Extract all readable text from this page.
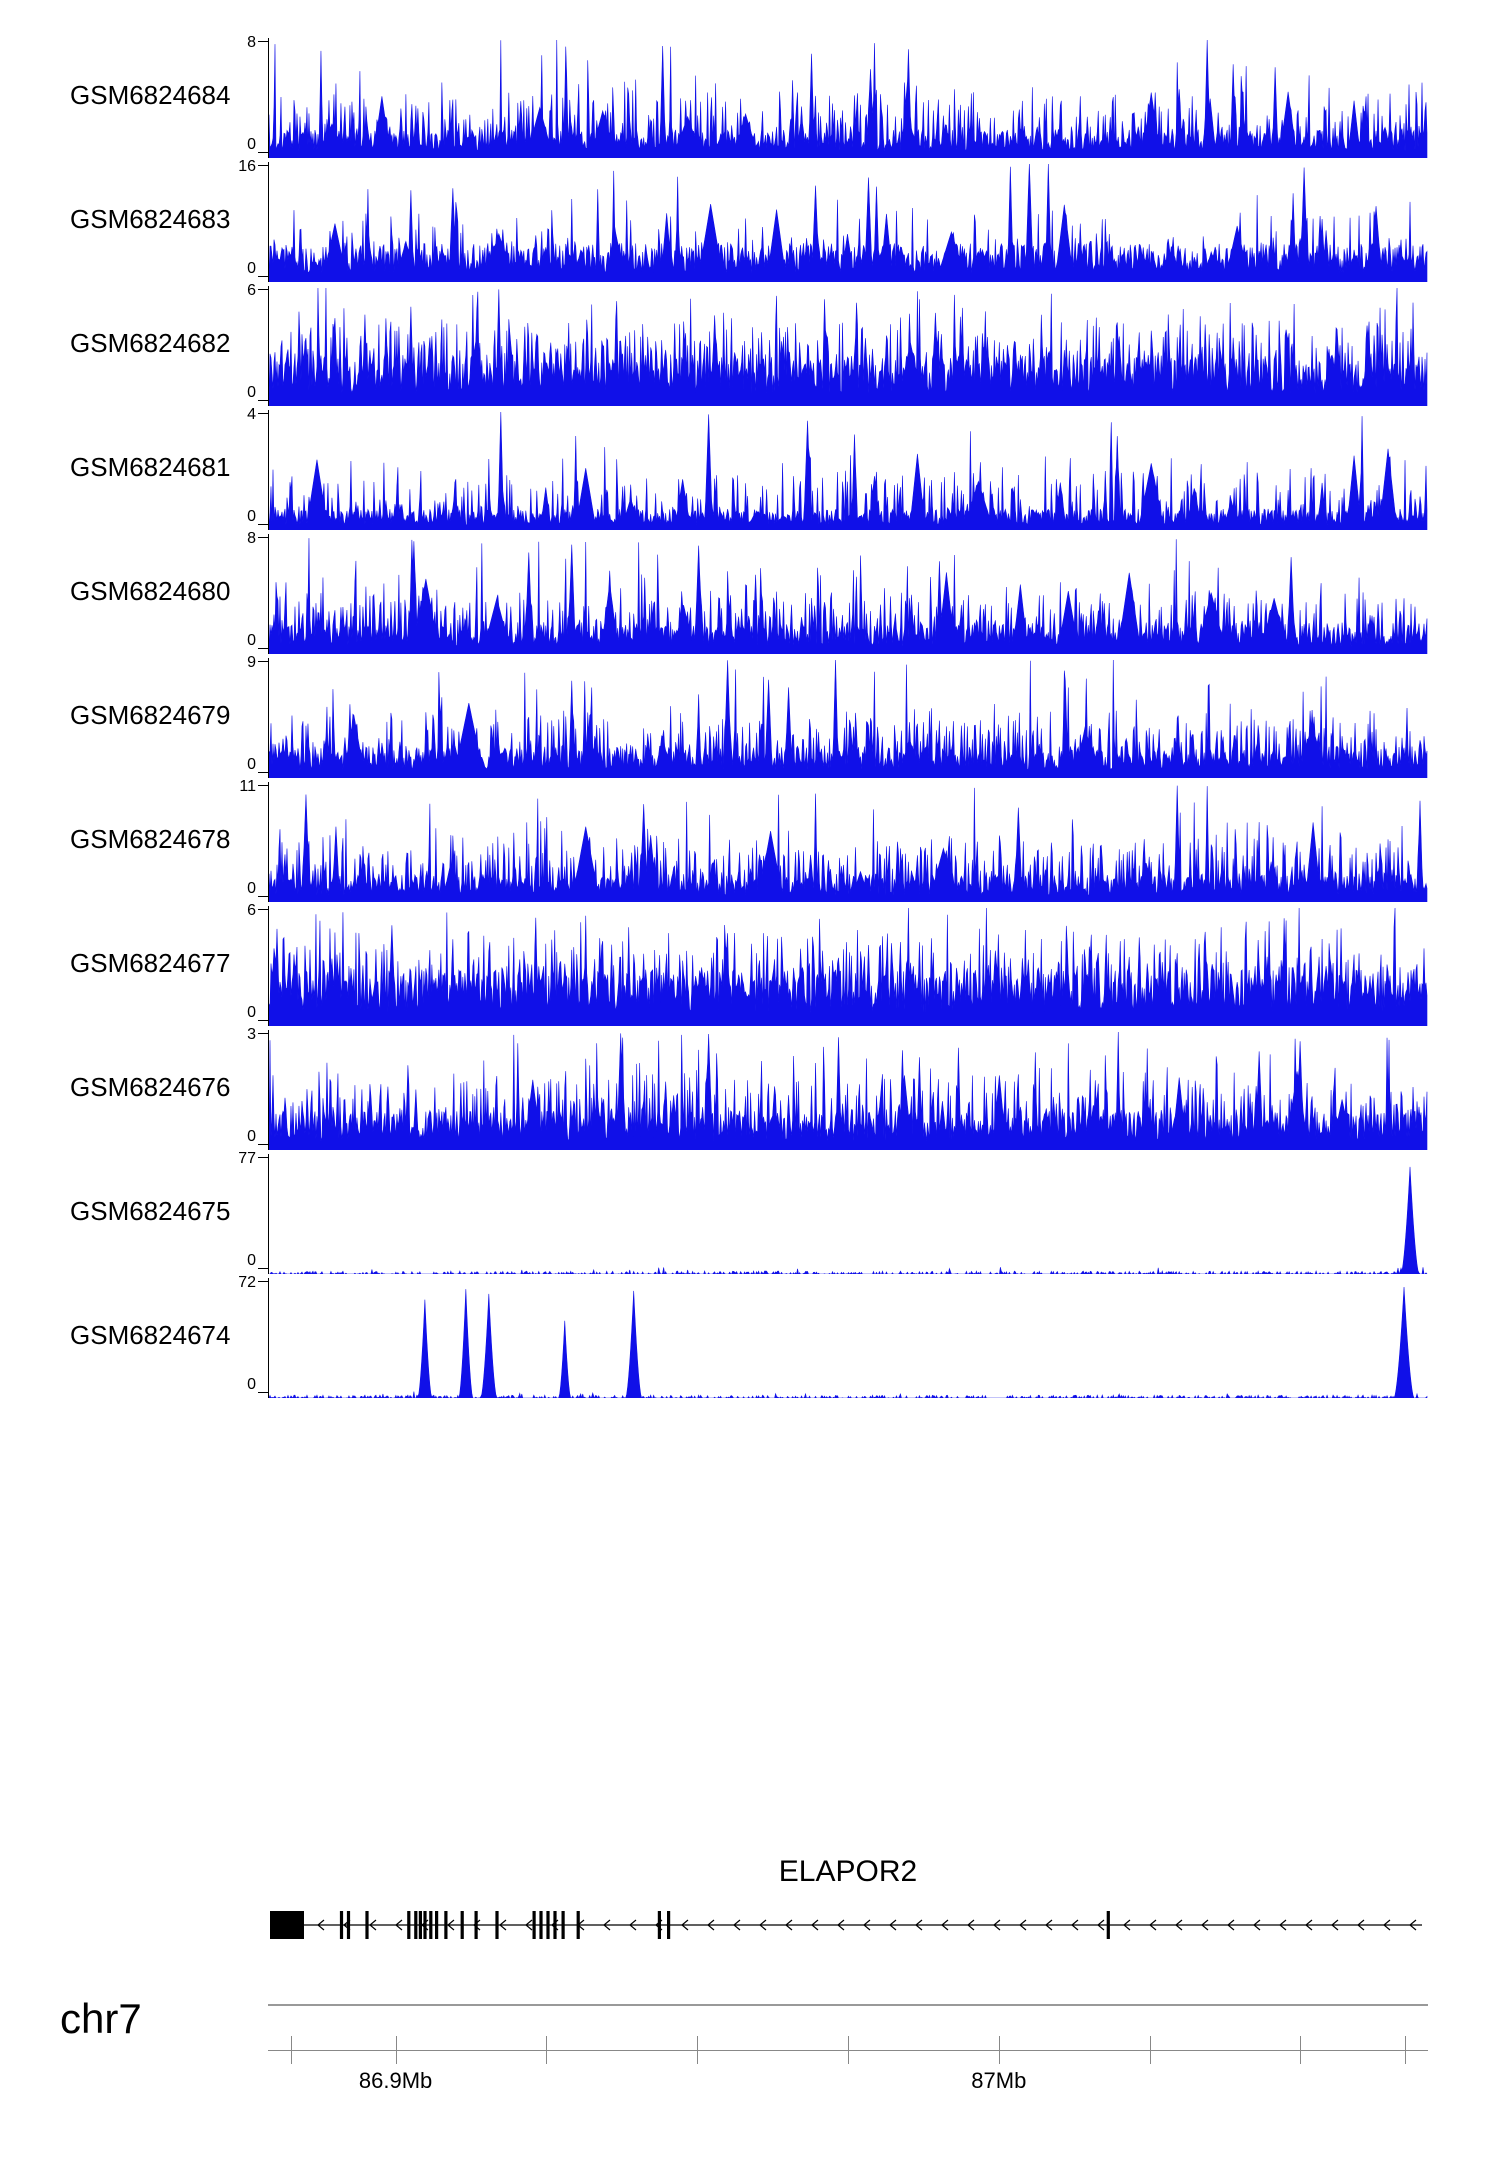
GSM6824684
8
0
GSM6824683
16
0
GSM6824682
6
0
GSM6824681
4
0
GSM6824680
8
0
GSM6824679
9
0
GSM6824678
11
0
GSM6824677
6
0
GSM6824676
3
0
GSM6824675
77
0
GSM6824674
72
0
ELAPOR2
chr7
86.9Mb	87Mb
